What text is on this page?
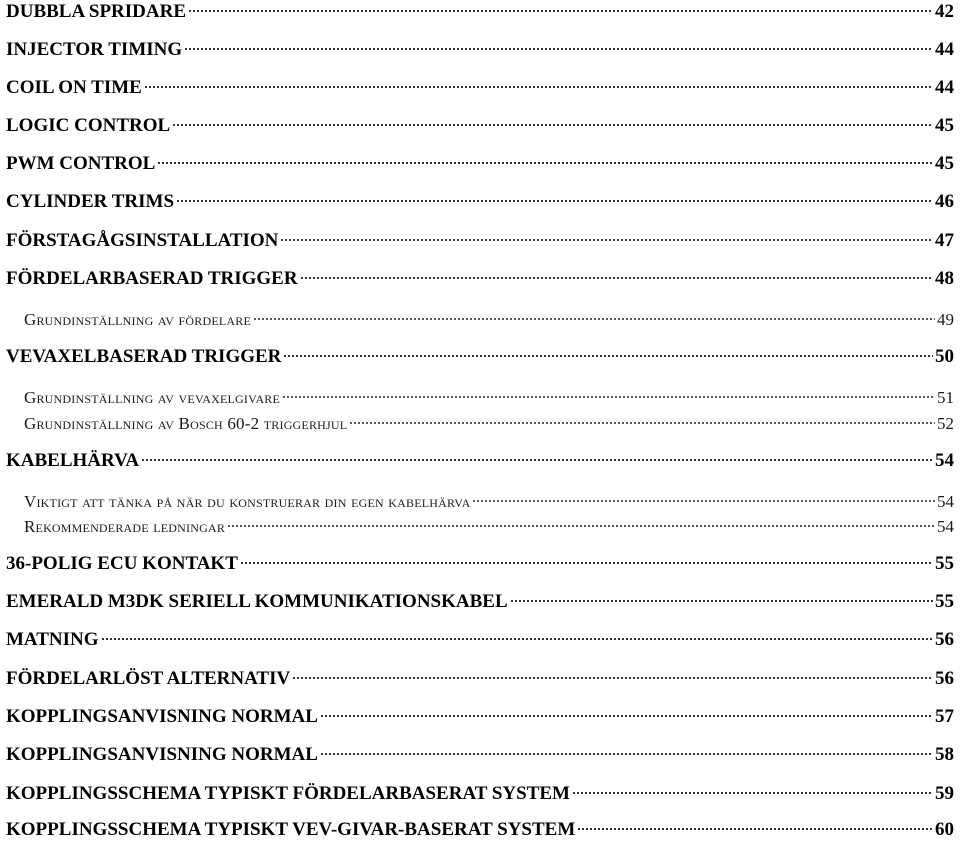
DUBBLA SPRIDARE	42
INJECTOR TIMING	44
COIL ON TIME	44
LOGIC CONTROL	45
PWM CONTROL	45
CYLINDER TRIMS	46
FÖRSTAGÅGSINSTALLATION	47
FÖRDELARBASERAD TRIGGER	48
Grundinställning av fördelare	49
VEVAXELBASERAD TRIGGER	50
Grundinställning av vevaxelgivare	51
Grundinställning av Bosch 60-2 triggerhjul	52
KABELHÄRVA	54
Viktigt att tänka på när du konstruerar din egen kabelhärva	54
Rekommenderade ledningar	54
36-POLIG ECU KONTAKT	55
EMERALD M3DK SERIELL KOMMUNIKATIONSKABEL	55
MATNING	56
FÖRDELARLÖST ALTERNATIV	56
KOPPLINGSANVISNING NORMAL	57
KOPPLINGSANVISNING NORMAL	58
KOPPLINGSSCHEMA TYPISKT FÖRDELARBASERAT SYSTEM	59
KOPPLINGSSCHEMA TYPISKT VEV-GIVAR-BASERAT SYSTEM	60
